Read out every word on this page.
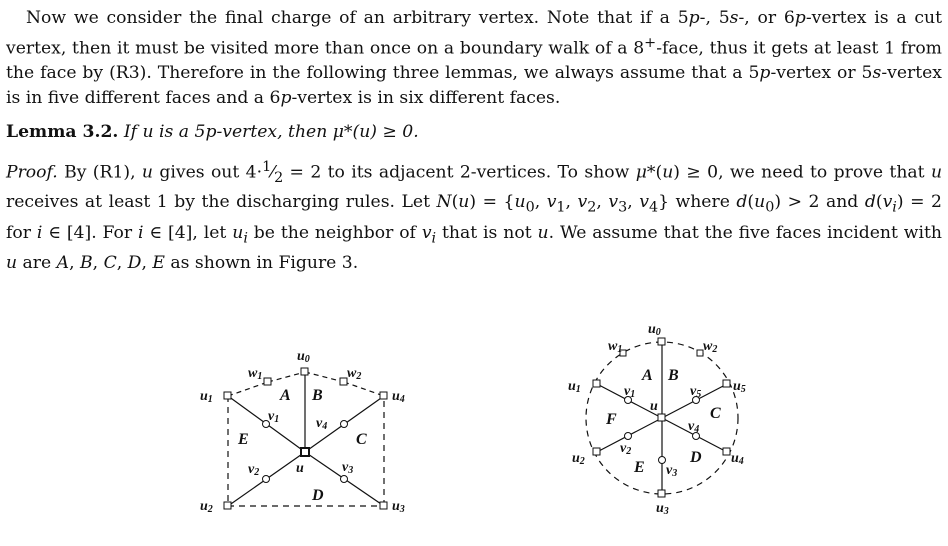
Now we consider the final charge of an arbitrary vertex. Note that if a 5p-, 5s-, or 6p-vertex is a cut vertex, then it must be visited more than once on a boundary walk of a 8+-face, thus it gets at least 1 from the face by (R3). Therefore in the following three lemmas, we always assume that a 5p-vertex or 5s-vertex is in five different faces and a 6p-vertex is in six different faces.

Lemma 3.2. If u is a 5p-vertex, then μ*(u) ≥ 0.

Proof. By (R1), u gives out $4\cdot^1⁄_2 = 2$ to its adjacent 2-vertices. To show μ*(u) ≥ 0, we need to prove that u receives at least 1 by the discharging rules. Let $N(u) = \{u_0$, $v_1$, $v_2$, $v_3$, $v_4$} where $d(u_0) > 2$ and $d(v_i) = 2$ for i ∈ [4]. For i ∈ [4], let $u_i$ be the neighbor of $v_i$ that is not u. We assume that the five faces incident with u are A, B, C, D, E as shown in Figure 3.

u0
w1	w2
u1	u4
u2	u3
v1	v4
v2	v3
u
A B
C
D
E
u0
w1	w2
u1	u5
u2	u4
u3
v1	v5
v2
v4
v3
u
A B
C
D
E
F
